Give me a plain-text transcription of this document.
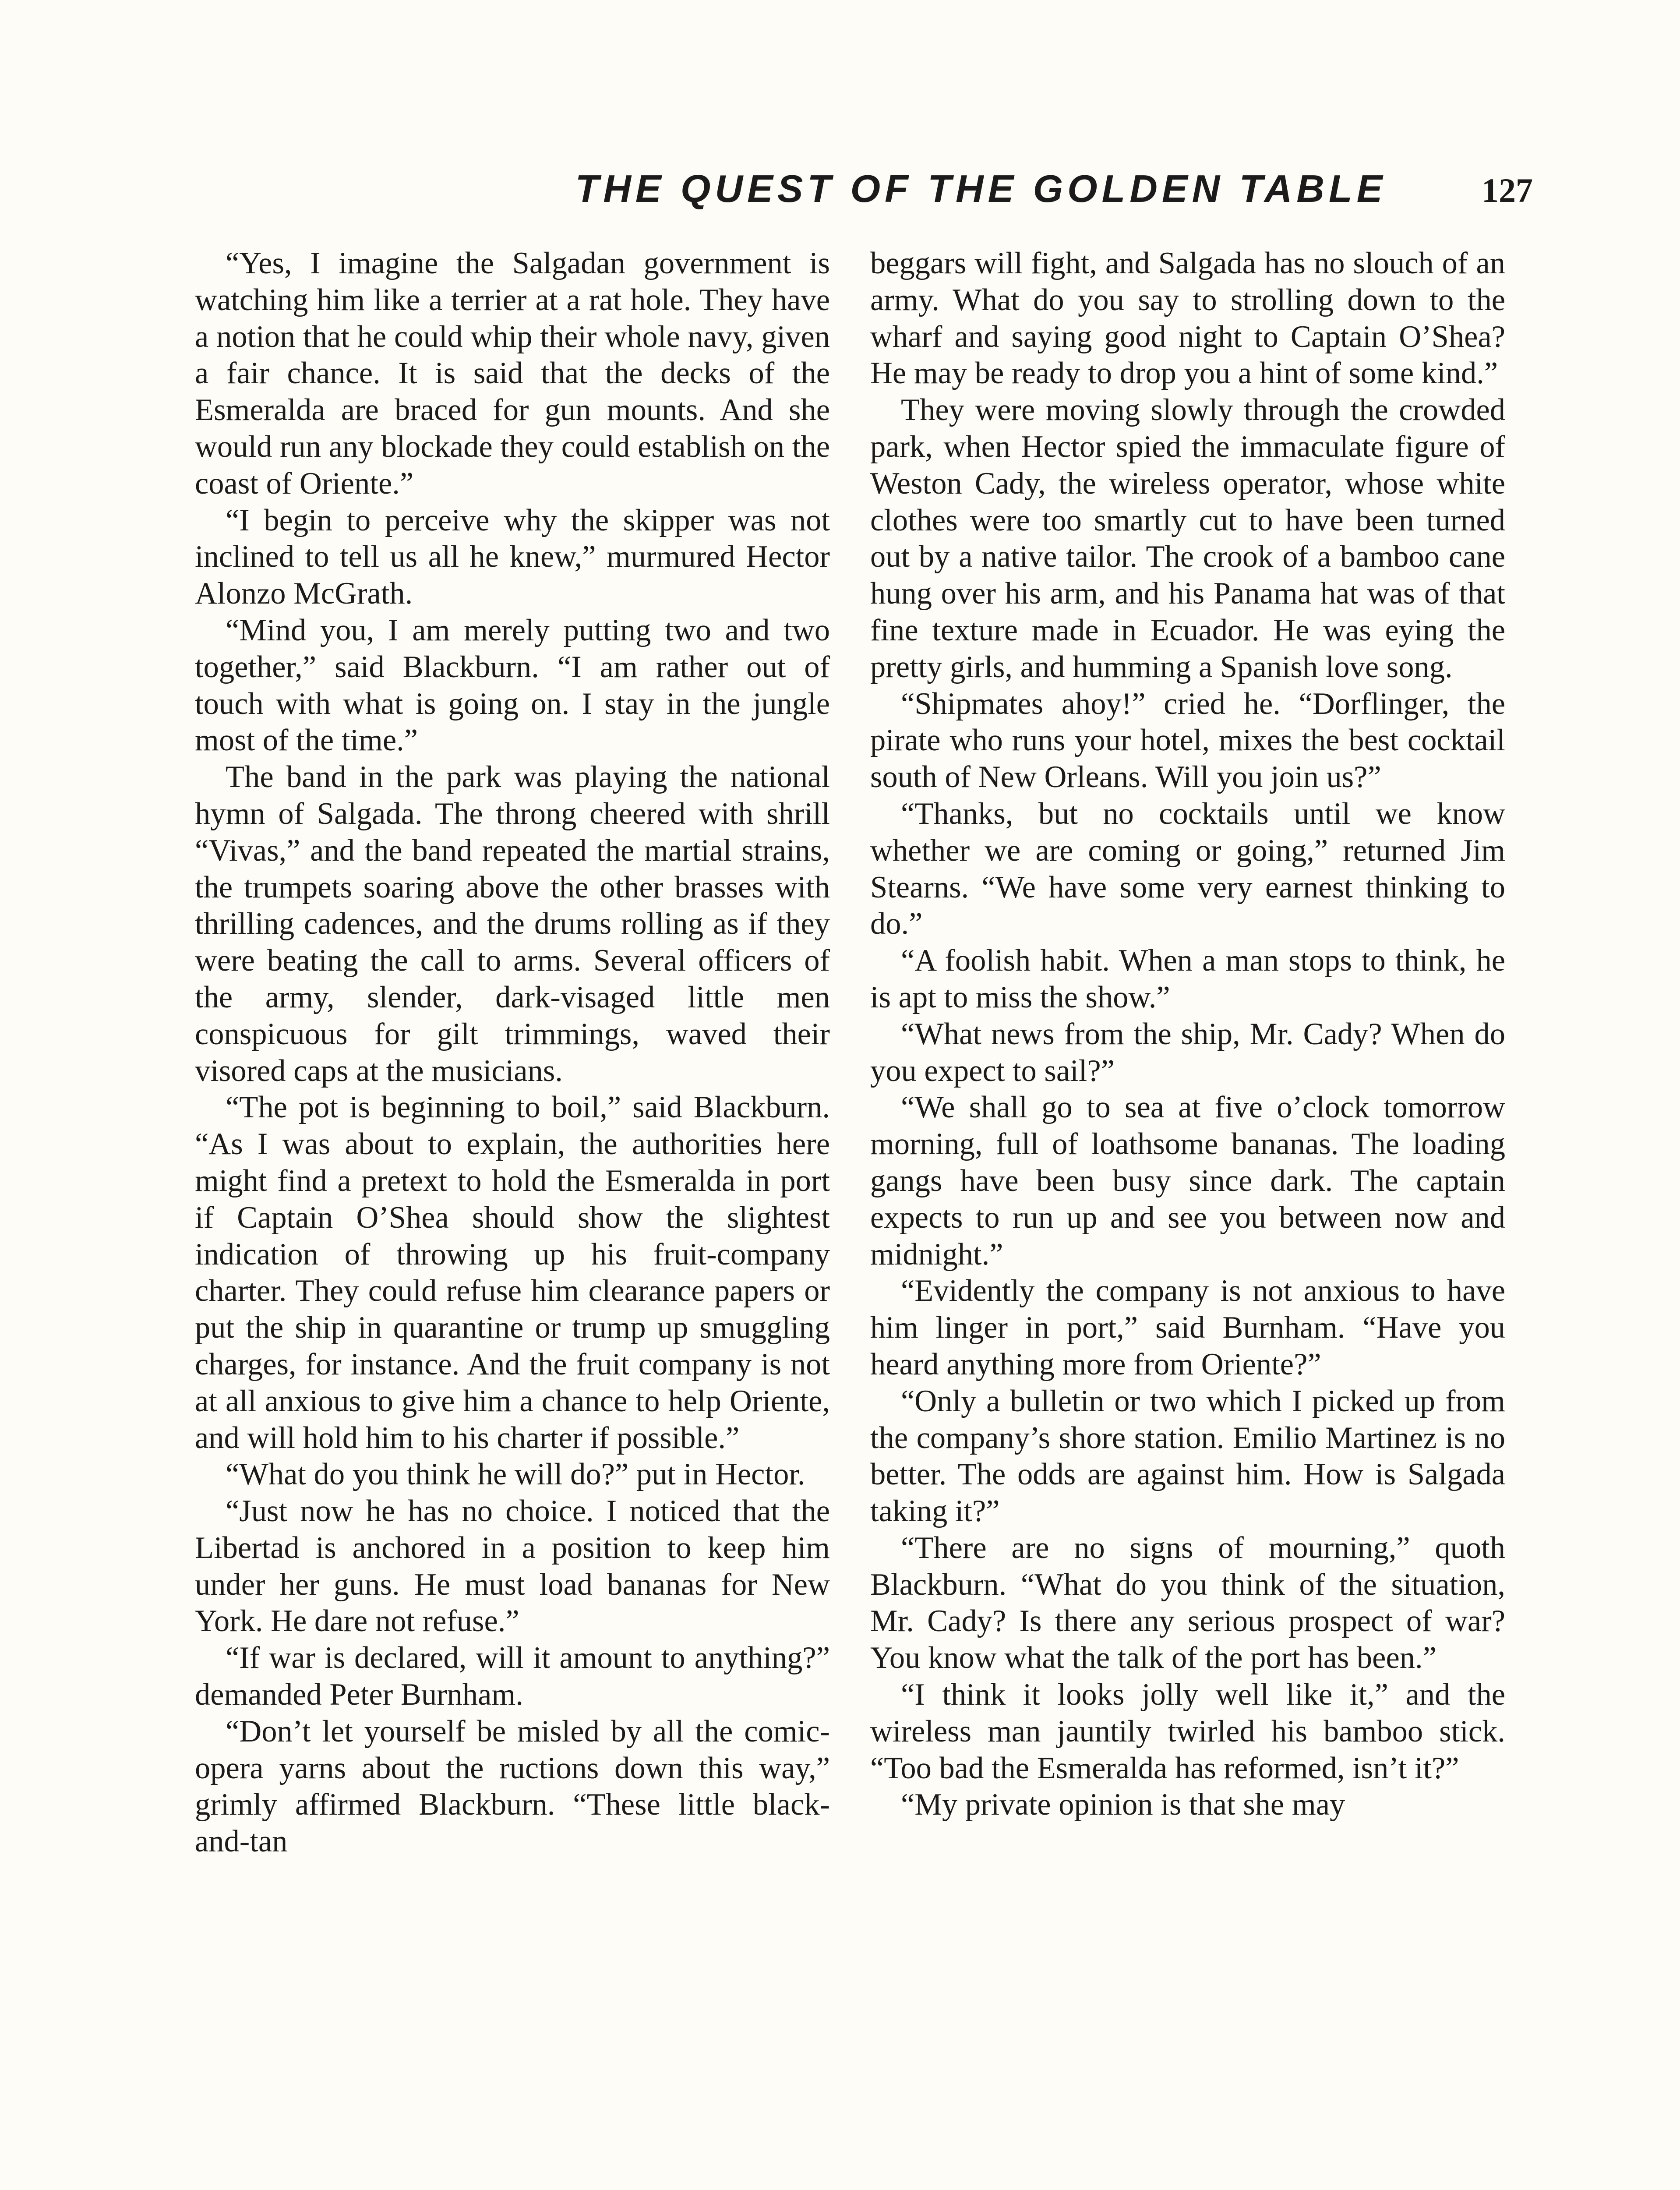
THE QUEST OF THE GOLDEN TABLE	127

“Yes, I imagine the Salgadan government is watching him like a terrier at a rat hole. They have a notion that he could whip their whole navy, given a fair chance. It is said that the decks of the Esmeralda are braced for gun mounts. And she would run any blockade they could establish on the coast of Oriente.”

“I begin to perceive why the skipper was not inclined to tell us all he knew,” murmured Hector Alonzo McGrath.

“Mind you, I am merely putting two and two together,” said Blackburn. “I am rather out of touch with what is going on. I stay in the jungle most of the time.”

The band in the park was playing the national hymn of Salgada. The throng cheered with shrill “Vivas,” and the band repeated the martial strains, the trumpets soaring above the other brasses with thrilling cadences, and the drums rolling as if they were beating the call to arms. Several officers of the army, slender, dark-visaged little men conspicuous for gilt trimmings, waved their visored caps at the musicians.

“The pot is beginning to boil,” said Blackburn. “As I was about to explain, the authorities here might find a pretext to hold the Esmeralda in port if Captain O’Shea should show the slightest indication of throwing up his fruit-company charter. They could refuse him clearance papers or put the ship in quarantine or trump up smuggling charges, for instance. And the fruit company is not at all anxious to give him a chance to help Oriente, and will hold him to his charter if possible.”

“What do you think he will do?” put in Hector.

“Just now he has no choice. I noticed that the Libertad is anchored in a position to keep him under her guns. He must load bananas for New York. He dare not refuse.”

“If war is declared, will it amount to anything?” demanded Peter Burnham.

“Don’t let yourself be misled by all the comic-opera yarns about the ructions down this way,” grimly affirmed Blackburn. “These little black-and-tan

beggars will fight, and Salgada has no slouch of an army. What do you say to strolling down to the wharf and saying good night to Captain O’Shea? He may be ready to drop you a hint of some kind.”

They were moving slowly through the crowded park, when Hector spied the immaculate figure of Weston Cady, the wireless operator, whose white clothes were too smartly cut to have been turned out by a native tailor. The crook of a bamboo cane hung over his arm, and his Panama hat was of that fine texture made in Ecuador. He was eying the pretty girls, and humming a Spanish love song.

“Shipmates ahoy!” cried he. “Dorflinger, the pirate who runs your hotel, mixes the best cocktail south of New Orleans. Will you join us?”

“Thanks, but no cocktails until we know whether we are coming or going,” returned Jim Stearns. “We have some very earnest thinking to do.”

“A foolish habit. When a man stops to think, he is apt to miss the show.”

“What news from the ship, Mr. Cady? When do you expect to sail?”

“We shall go to sea at five o’clock tomorrow morning, full of loathsome bananas. The loading gangs have been busy since dark. The captain expects to run up and see you between now and midnight.”

“Evidently the company is not anxious to have him linger in port,” said Burnham. “Have you heard anything more from Oriente?”

“Only a bulletin or two which I picked up from the company’s shore station. Emilio Martinez is no better. The odds are against him. How is Salgada taking it?”

“There are no signs of mourning,” quoth Blackburn. “What do you think of the situation, Mr. Cady? Is there any serious prospect of war? You know what the talk of the port has been.”

“I think it looks jolly well like it,” and the wireless man jauntily twirled his bamboo stick. “Too bad the Esmeralda has reformed, isn’t it?”

“My private opinion is that she may
